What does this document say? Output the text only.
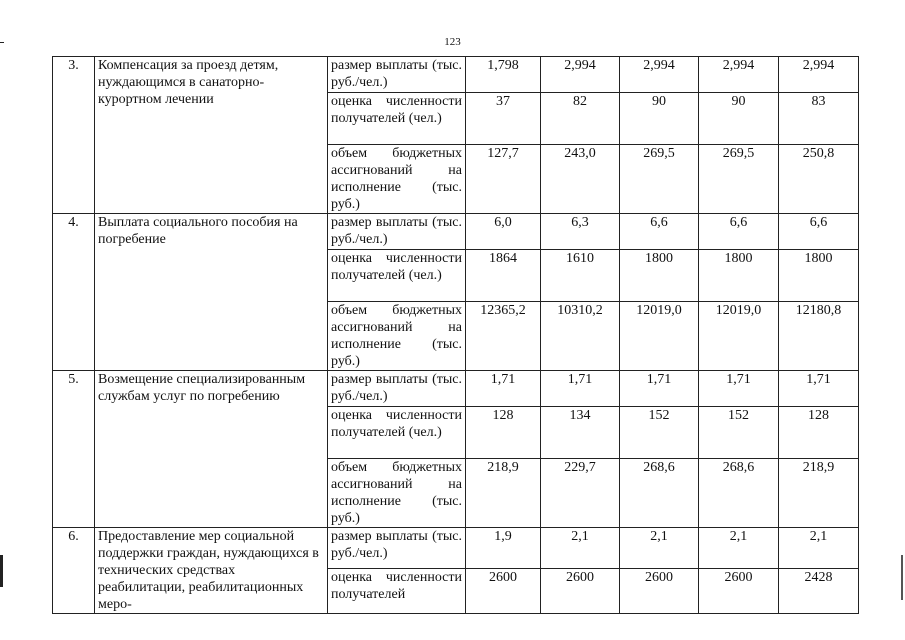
123
3.	Компенсация за проезд детям, нуждающимся в санаторно-курортном лечении	размер выплаты (тыс. руб./чел.)	1,798	2,994	2,994	2,994	2,994
		оценка численности получателей (чел.)	37	82	90	90	83
		объем бюджетных ассигнований на исполнение (тыс. руб.)	127,7	243,0	269,5	269,5	250,8
4.	Выплата социального пособия на погребение	размер выплаты (тыс. руб./чел.)	6,0	6,3	6,6	6,6	6,6
		оценка численности получателей (чел.)	1864	1610	1800	1800	1800
		объем бюджетных ассигнований на исполнение (тыс. руб.)	12365,2	10310,2	12019,0	12019,0	12180,8
5.	Возмещение специализированным службам услуг по погребению	размер выплаты (тыс. руб./чел.)	1,71	1,71	1,71	1,71	1,71
		оценка численности получателей (чел.)	128	134	152	152	128
		объем бюджетных ассигнований на исполнение (тыс. руб.)	218,9	229,7	268,6	268,6	218,9
6.	Предоставление мер социальной поддержки граждан, нуждающихся в технических средствах реабилитации, реабилитационных меро-	размер выплаты (тыс. руб./чел.)	1,9	2,1	2,1	2,1	2,1
		оценка численности получателей	2600	2600	2600	2600	2428
